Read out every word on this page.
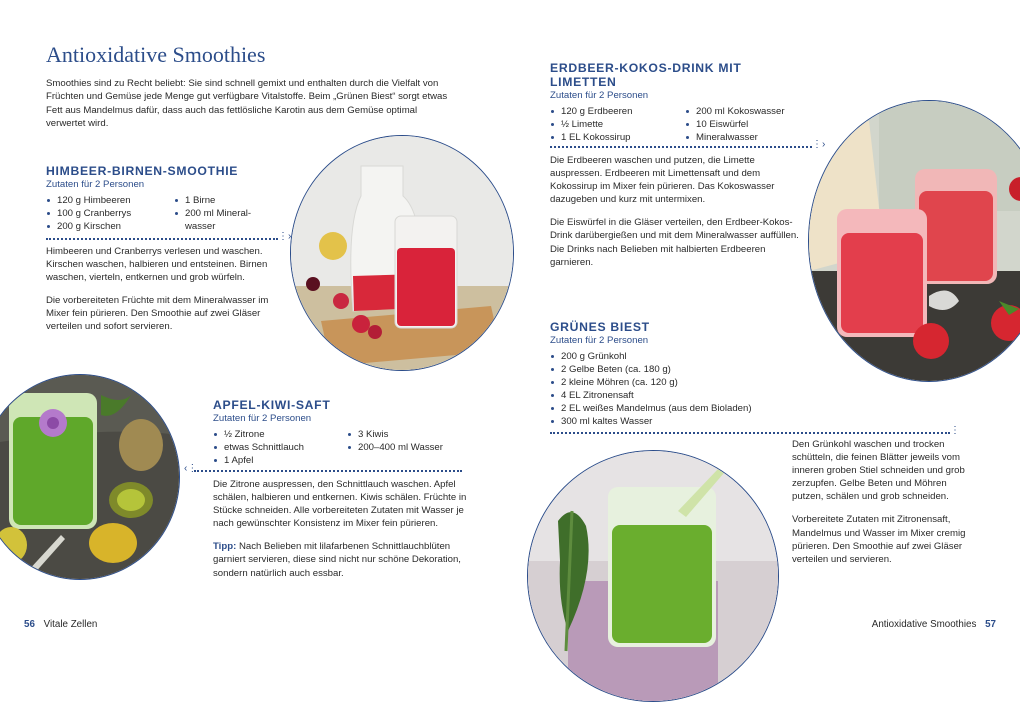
Antioxidative Smoothies
Smoothies sind zu Recht beliebt: Sie sind schnell gemixt und enthalten durch die Vielfalt von Früchten und Gemüse jede Menge gut verfügbare Vitalstoffe. Beim „Grünen Biest“ sorgt etwas Fett aus Mandelmus dafür, dass auch das fettlösliche Karotin aus dem Gemüse optimal verwertet wird.
HIMBEER-BIRNEN-SMOOTHIE
Zutaten für 2 Personen
120 g Himbeeren
100 g Cranberrys
200 g Kirschen
1 Birne
200 ml Mineral-wasser
⋮›

Himbeeren und Cranberrys verlesen und waschen. Kirschen waschen, halbieren und entsteinen. Birnen waschen, vierteln, entkernen und grob würfeln.

Die vorbereiteten Früchte mit dem Mineralwasser im Mixer fein pürieren. Den Smoothie auf zwei Gläser verteilen und sofort servieren.

APFEL-KIWI-SAFT
Zutaten für 2 Personen
½ Zitrone
etwas Schnittlauch
1 Apfel
3 Kiwis
200–400 ml Wasser
‹⋮

Die Zitrone auspressen, den Schnittlauch waschen. Apfel schälen, halbieren und entkernen. Kiwis schälen. Früchte in Stücke schneiden. Alle vorbereiteten Zutaten mit Wasser je nach gewünschter Konsistenz im Mixer fein pürieren.

Tipp: Nach Belieben mit lilafarbenen Schnittlauchblüten garniert servieren, diese sind nicht nur schöne Dekoration, sondern natürlich auch essbar.

56 Vitale Zellen
ERDBEER-KOKOS-DRINK MIT LIMETTEN
Zutaten für 2 Personen
120 g Erdbeeren
½ Limette
1 EL Kokossirup
200 ml Kokoswasser
10 Eiswürfel
Mineralwasser
⋮›

Die Erdbeeren waschen und putzen, die Limette auspressen. Erdbeeren mit Limettensaft und dem Kokossirup im Mixer fein pürieren. Das Kokoswasser dazugeben und kurz mit untermixen.

Die Eiswürfel in die Gläser verteilen, den Erdbeer-Kokos-Drink darübergießen und mit dem Mineralwasser auffüllen. Die Drinks nach Belieben mit halbierten Erdbeeren garnieren.

GRÜNES BIEST
Zutaten für 2 Personen
200 g Grünkohl
2 Gelbe Beten (ca. 180 g)
2 kleine Möhren (ca. 120 g)
4 EL Zitronensaft
2 EL weißes Mandelmus (aus dem Bioladen)
300 ml kaltes Wasser
⋮

Den Grünkohl waschen und trocken schütteln, die feinen Blätter jeweils vom inneren groben Stiel schneiden und grob zerzupfen. Gelbe Beten und Möhren putzen, schälen und grob schneiden.

Vorbereitete Zutaten mit Zitronensaft, Mandelmus und Wasser im Mixer cremig pürieren. Den Smoothie auf zwei Gläser verteilen und servieren.

Antioxidative Smoothies 57
